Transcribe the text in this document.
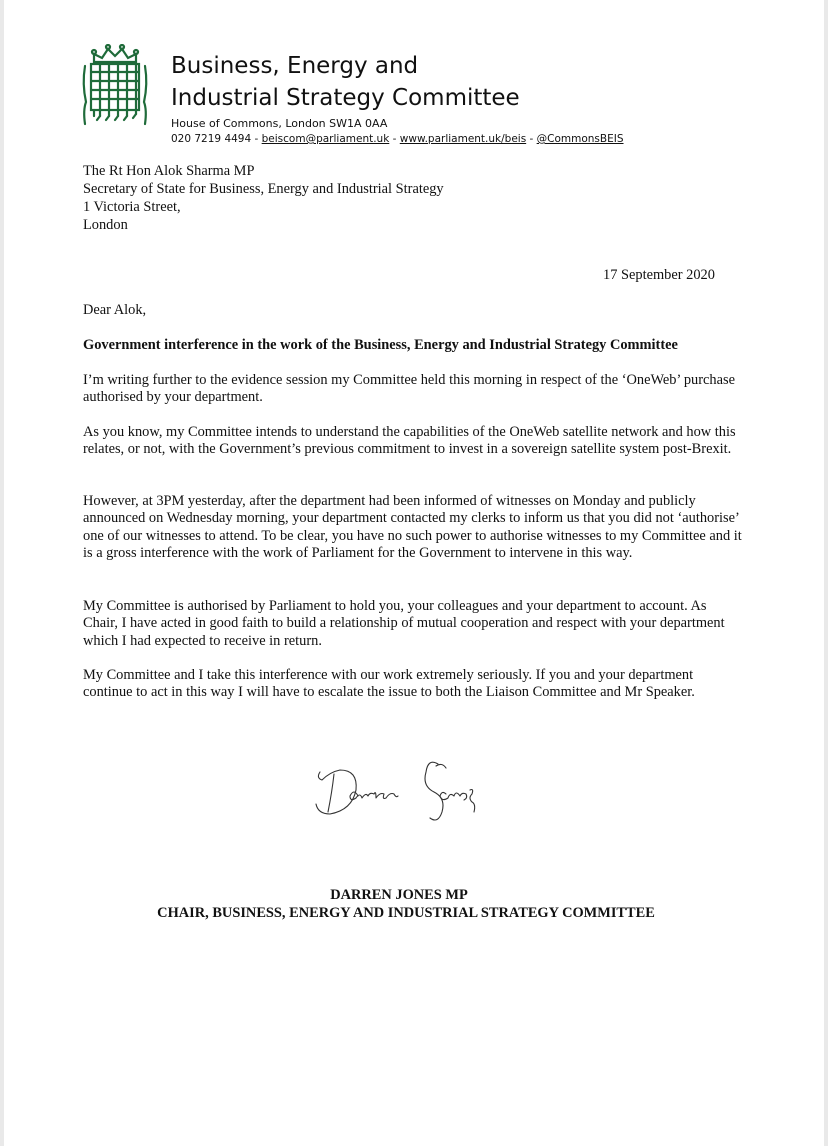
Business, Energy and
Industrial Strategy Committee
House of Commons, London SW1A 0AA
020 7219 4494 - beiscom@parliament.uk - www.parliament.uk/beis - @CommonsBEIS
The Rt Hon Alok Sharma MP
Secretary of State for Business, Energy and Industrial Strategy
1 Victoria Street,
London
17 September 2020
Dear Alok,
Government interference in the work of the Business, Energy and Industrial Strategy Committee

I’m writing further to the evidence session my Committee held this morning in respect of the ‘OneWeb’ purchase authorised by your department.

As you know, my Committee intends to understand the capabilities of the OneWeb satellite network and how this relates, or not, with the Government’s previous commitment to invest in a sovereign satellite system post-Brexit.

However, at 3PM yesterday, after the department had been informed of witnesses on Monday and publicly announced on Wednesday morning, your department contacted my clerks to inform us that you did not ‘authorise’ one of our witnesses to attend. To be clear, you have no such power to authorise witnesses to my Committee and it is a gross interference with the work of Parliament for the Government to intervene in this way.

My Committee is authorised by Parliament to hold you, your colleagues and your department to account. As Chair, I have acted in good faith to build a relationship of mutual cooperation and respect with your department which I had expected to receive in return.

My Committee and I take this interference with our work extremely seriously. If you and your department continue to act in this way I will have to escalate the issue to both the Liaison Committee and Mr Speaker.

DARREN JONES MP
CHAIR, BUSINESS, ENERGY AND INDUSTRIAL STRATEGY COMMITTEE
